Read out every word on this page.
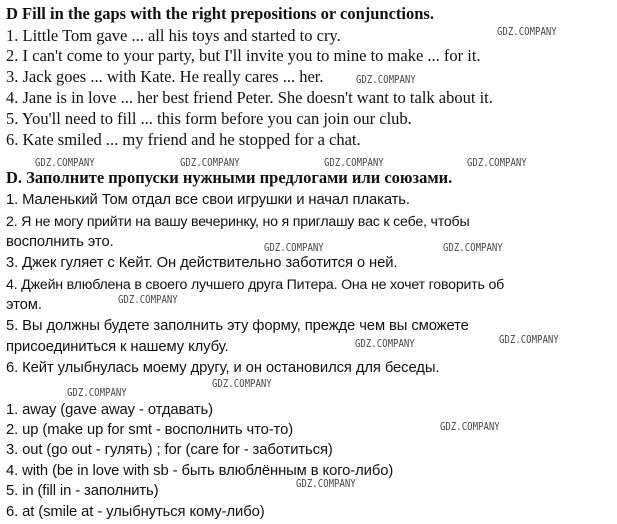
D Fill in the gaps with the right prepositions or conjunctions.
1. Little Tom gave ... all his toys and started to cry.
2. I can't come to your party, but I'll invite you to mine to make ... for it.
3. Jack goes ... with Kate. He really cares ... her.
4. Jane is in love ... her best friend Peter. She doesn't want to talk about it.
5. You'll need to fill ... this form before you can join our club.
6. Kate smiled ... my friend and he stopped for a chat.
D. Заполните пропуски нужными предлогами или союзами.
1. Маленький Том отдал все свои игрушки и начал плакать.
2. Я не могу прийти на вашу вечеринку, но я приглашу вас к себе, чтобы
восполнить это.
3. Джек гуляет с Кейт. Он действительно заботится о ней.
4. Джейн влюблена в своего лучшего друга Питера. Она не хочет говорить об
этом.
5. Вы должны будете заполнить эту форму, прежде чем вы сможете
присоединиться к нашему клубу.
6. Кейт улыбнулась моему другу, и он остановился для беседы.
1. away (gave away - отдавать)
2. up (make up for smt - восполнить что-то)
3. out (go out - гулять) ; for (care for - заботиться)
4. with (be in love with sb - быть влюблённым в кого-либо)
5. in (fill in - заполнить)
6. at (smile at - улыбнуться кому-либо)
GDZ.COMPANY
GDZ.COMPANY
GDZ.COMPANY	GDZ.COMPANY	GDZ.COMPANY	GDZ.COMPANY
GDZ.COMPANY	GDZ.COMPANY
GDZ.COMPANY
GDZ.COMPANY	GDZ.COMPANY
GDZ.COMPANY
GDZ.COMPANY
GDZ.COMPANY
GDZ.COMPANY
